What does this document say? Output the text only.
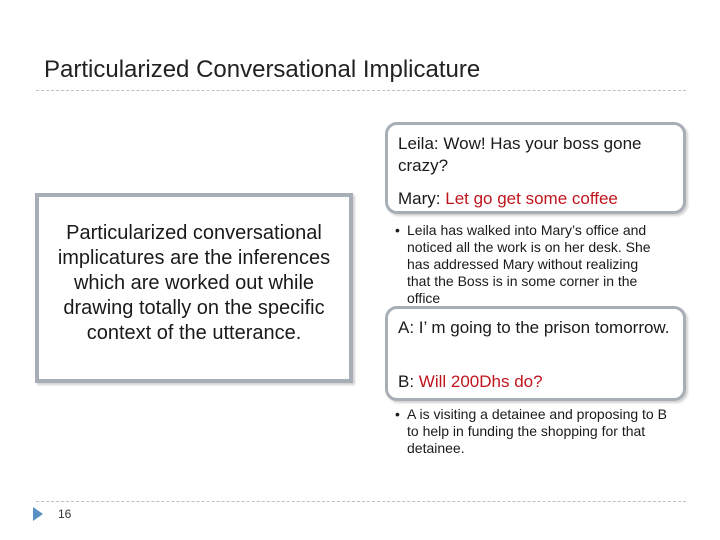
Particularized Conversational Implicature
Particularized conversational implicatures are the inferences which are worked out while drawing totally on the specific context of the utterance.
Leila: Wow! Has your boss gone crazy?
Mary: Let go get some coffee
• Leila has walked into Mary’s office and noticed all the work is on her desk. She has addressed Mary without realizing that the Boss is in some corner in the office
A: I’ m going to the prison tomorrow.
B: Will 200Dhs do?
• A is visiting a detainee and proposing to B to help in funding the shopping for that detainee.
16
